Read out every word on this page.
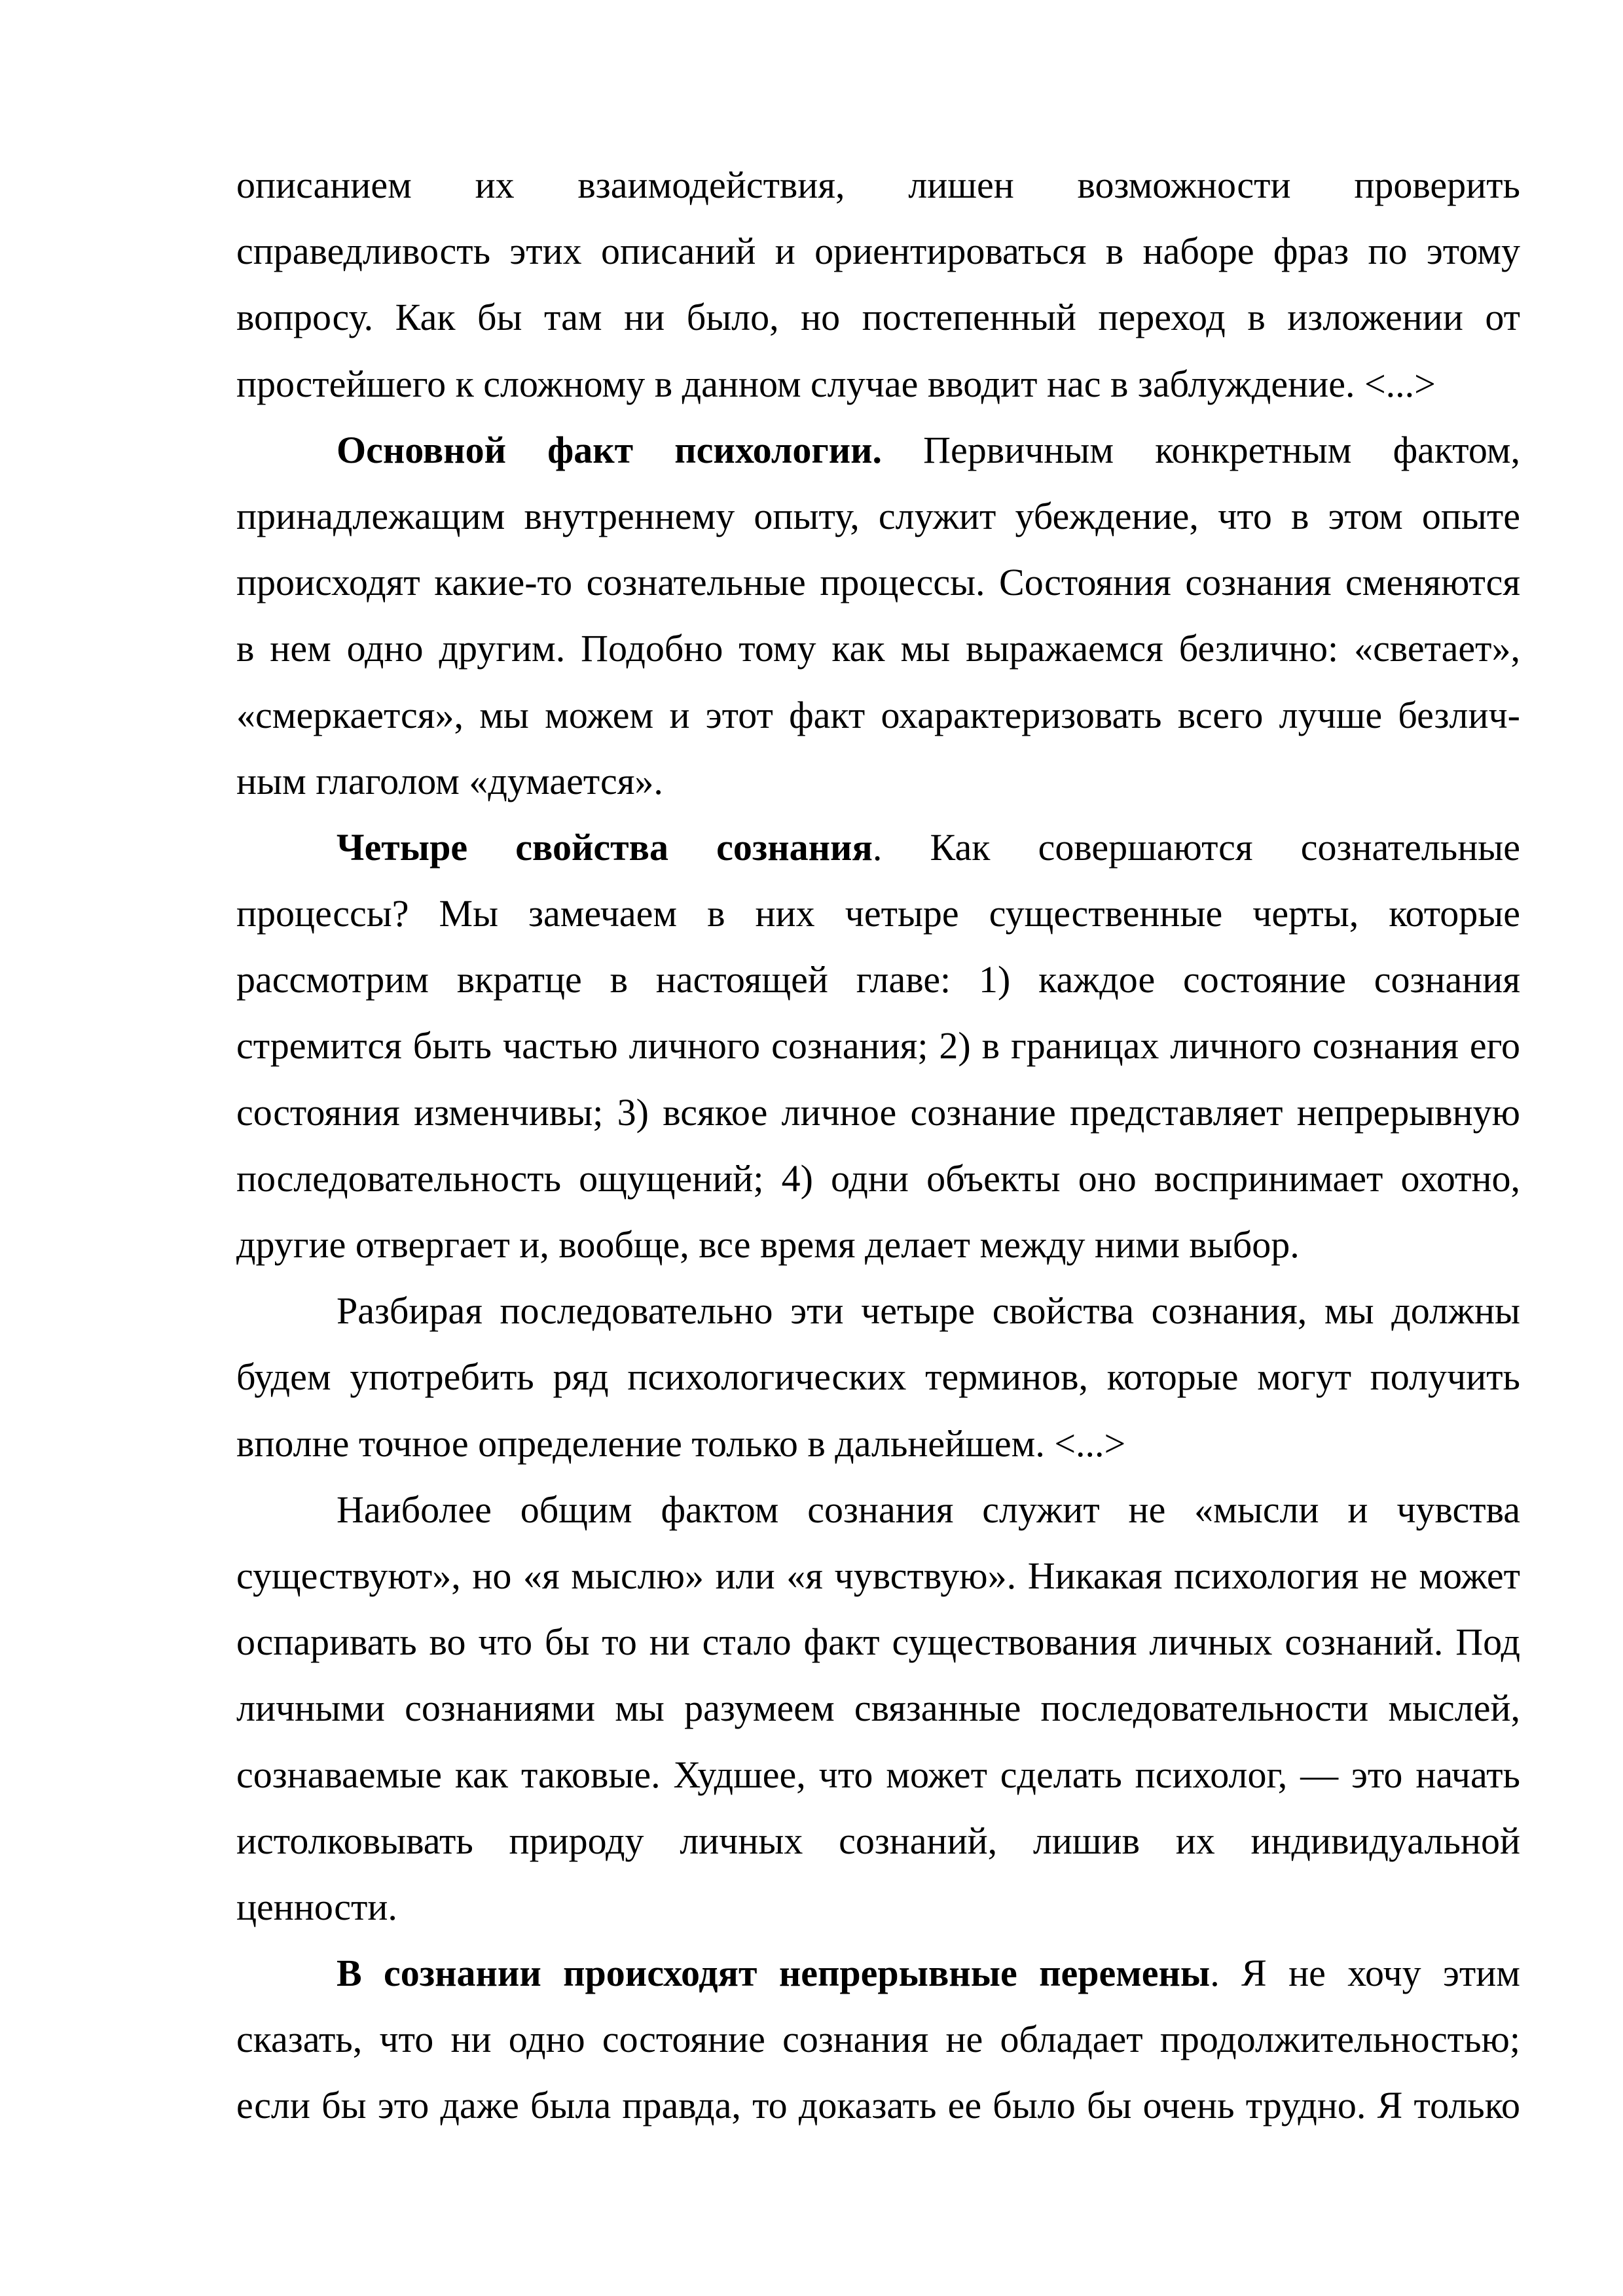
описанием их взаимодействия, лишен возможности проверить
справедливость этих описаний и ориентироваться в наборе фраз по этому
вопросу. Как бы там ни было, но постепенный переход в изложении от
простейшего к сложному в данном случае вводит нас в заблуждение. <...>
Основной факт психологии. Первичным конкретным фактом,
принадлежащим внутреннему опыту, служит убеждение, что в этом опыте
происходят какие-то сознательные процессы. Состояния сознания сменяются
в нем одно другим. Подобно тому как мы выражаемся безлично: «светает»,
«смеркается», мы можем и этот факт охарактеризовать всего лучше безлич-
ным глаголом «думается».
Четыре свойства сознания. Как совершаются сознательные
процессы? Мы замечаем в них четыре существенные черты, которые
рассмотрим вкратце в настоящей главе: 1) каждое состояние сознания
стремится быть частью личного сознания; 2) в границах личного сознания его
состояния изменчивы; 3) всякое личное сознание представляет непрерывную
последовательность ощущений; 4) одни объекты оно воспринимает охотно,
другие отвергает и, вообще, все время делает между ними выбор.
Разбирая последовательно эти четыре свойства сознания, мы должны
будем употребить ряд психологических терминов, которые могут получить
вполне точное определение только в дальнейшем. <...>
Наиболее общим фактом сознания служит не «мысли и чувства
существуют», но «я мыслю» или «я чувствую». Никакая психология не может
оспаривать во что бы то ни стало факт существования личных сознаний. Под
личными сознаниями мы разумеем связанные последовательности мыслей,
сознаваемые как таковые. Худшее, что может сделать психолог, — это начать
истолковывать природу личных сознаний, лишив их индивидуальной
ценности.
В сознании происходят непрерывные перемены. Я не хочу этим
сказать, что ни одно состояние сознания не обладает продолжительностью;
если бы это даже была правда, то доказать ее было бы очень трудно. Я только
